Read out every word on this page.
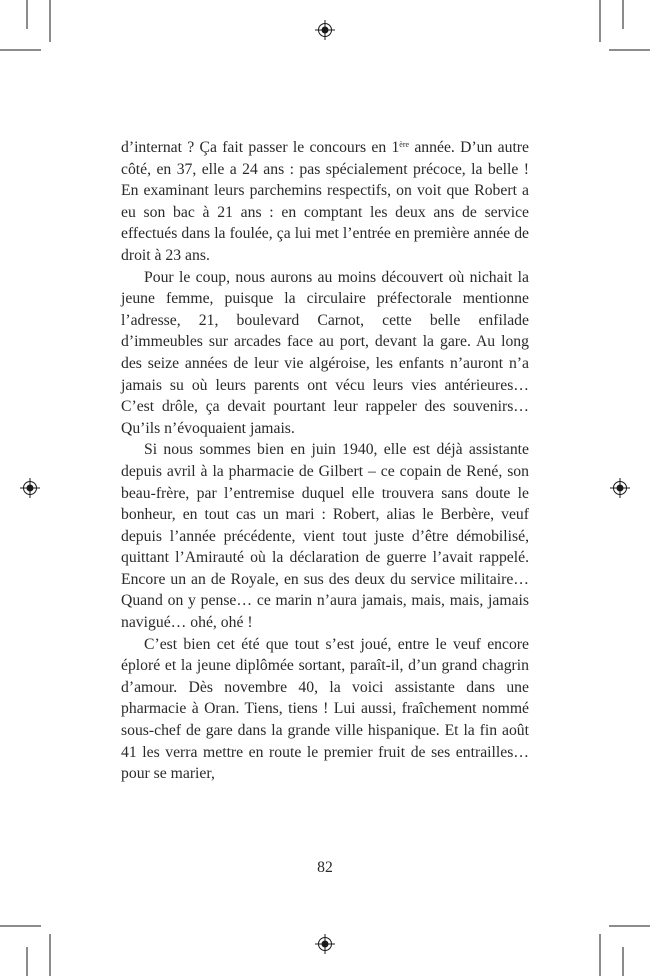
d’internat ? Ça fait passer le concours en 1ère année. D’un autre côté, en 37, elle a 24 ans : pas spécialement précoce, la belle ! En examinant leurs parchemins respectifs, on voit que Robert a eu son bac à 21 ans : en comptant les deux ans de service effectués dans la foulée, ça lui met l’entrée en première année de droit à 23 ans.

Pour le coup, nous aurons au moins découvert où nichait la jeune femme, puisque la circulaire préfectorale mentionne l’adresse, 21, boulevard Carnot, cette belle enfilade d’immeubles sur arcades face au port, devant la gare. Au long des seize années de leur vie algéroise, les enfants n’auront n’a jamais su où leurs parents ont vécu leurs vies antérieures… C’est drôle, ça devait pourtant leur rappeler des souvenirs… Qu’ils n’évoquaient jamais.

Si nous sommes bien en juin 1940, elle est déjà assistante depuis avril à la pharmacie de Gilbert – ce copain de René, son beau-frère, par l’entremise duquel elle trouvera sans doute le bonheur, en tout cas un mari : Robert, alias le Berbère, veuf depuis l’année précédente, vient tout juste d’être démobilisé, quittant l’Amirauté où la déclaration de guerre l’avait rappelé. Encore un an de Royale, en sus des deux du service militaire… Quand on y pense… ce marin n’aura jamais, mais, mais, jamais navigué… ohé, ohé !

C’est bien cet été que tout s’est joué, entre le veuf encore éploré et la jeune diplômée sortant, paraît-il, d’un grand chagrin d’amour. Dès novembre 40, la voici assistante dans une pharmacie à Oran. Tiens, tiens ! Lui aussi, fraîchement nommé sous-chef de gare dans la grande ville hispanique. Et la fin août 41 les verra mettre en route le premier fruit de ses entrailles… pour se marier,

82
